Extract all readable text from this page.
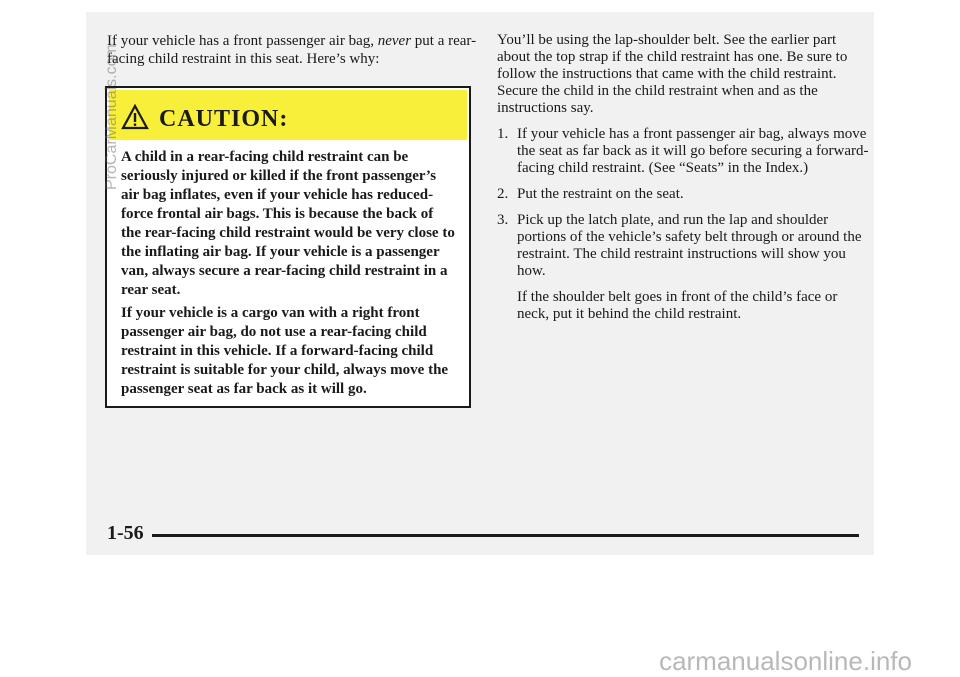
If your vehicle has a front passenger air bag, never put a rear-facing child restraint in this seat. Here’s why:

CAUTION:

A child in a rear-facing child restraint can be seriously injured or killed if the front passenger’s air bag inflates, even if your vehicle has reduced-force frontal air bags. This is because the back of the rear-facing child restraint would be very close to the inflating air bag. If your vehicle is a passenger van, always secure a rear-facing child restraint in a rear seat.

If your vehicle is a cargo van with a right front passenger air bag, do not use a rear-facing child restraint in this vehicle. If a forward-facing child restraint is suitable for your child, always move the passenger seat as far back as it will go.

You’ll be using the lap-shoulder belt. See the earlier part about the top strap if the child restraint has one. Be sure to follow the instructions that came with the child restraint. Secure the child in the child restraint when and as the instructions say.

1. If your vehicle has a front passenger air bag, always move the seat as far back as it will go before securing a forward-facing child restraint. (See “Seats” in the Index.)
2. Put the restraint on the seat.
3. Pick up the latch plate, and run the lap and shoulder portions of the vehicle’s safety belt through or around the restraint. The child restraint instructions will show you how.

If the shoulder belt goes in front of the child’s face or neck, put it behind the child restraint.

1-56
ProCarManuals.com
carmanualsonline.info
